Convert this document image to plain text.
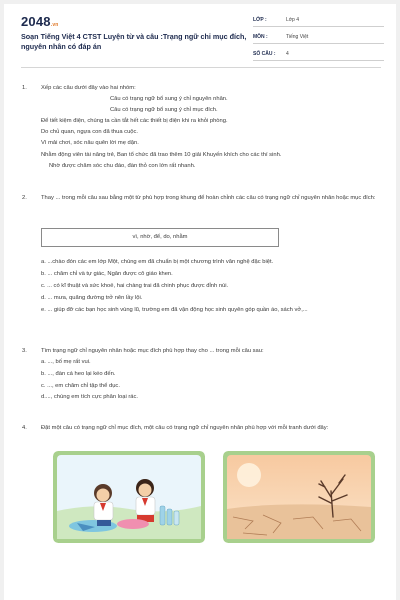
2048.vn
Soạn Tiếng Việt 4 CTST Luyện từ và câu :Trạng ngữ chỉ mục đích, nguyên nhân có đáp án
LỚP :	Lớp 4
MÔN :	Tiếng Việt
SỐ CÂU : 4
1. Xếp các câu dưới đây vào hai nhóm:
Câu có trạng ngữ bổ sung ý chỉ nguyên nhân.
Câu có trạng ngữ bổ sung ý chỉ mục đích.
Để tiết kiệm điện, chúng ta cần tắt hết các thiết bị điện khi ra khỏi phòng.
Do chủ quan, ngựa con đã thua cuộc.
Vì mải chơi, sóc nâu quên lời mẹ dặn.
Nhằm động viên tài năng trẻ, Ban tổ chức đã trao thêm 10 giải Khuyến khích cho các thí sinh.
Nhờ được chăm sóc chu đáo, đàn thỏ con lớn rất nhanh.
2. Thay ... trong mỗi câu sau bằng một từ phù hợp trong khung để hoàn chỉnh các câu có trạng ngữ chỉ nguyên nhân hoặc mục đích:
vì, nhờ, để, do, nhằm
a. ...chào đón các em lớp Một, chúng em đã chuẩn bị một chương trình văn nghệ đặc biệt.
b. ... chăm chỉ và tự giác, Ngân được cô giáo khen.
c. ... có kĩ thuật và sức khoẻ, hai chàng trai đã chinh phục được đỉnh núi.
d. ... mưa, quãng đường trở nên lầy lội.
e. ... giúp đỡ các bạn học sinh vùng lũ, trường em đã vận động học sinh quyên góp quần áo, sách vở,...
3. Tìm trạng ngữ chỉ nguyên nhân hoặc mục đích phù hợp thay cho ... trong mỗi câu sau:
a. ..., bố mẹ rất vui.
b. ..., đàn cá heo lại kéo đến.
c. ..., em chăm chỉ tập thể dục.
d...., chúng em tích cực phân loại rác.
4. Đặt một câu có trạng ngữ chỉ mục đích, một câu có trạng ngữ chỉ nguyên nhân phù hợp với mỗi tranh dưới đây:
